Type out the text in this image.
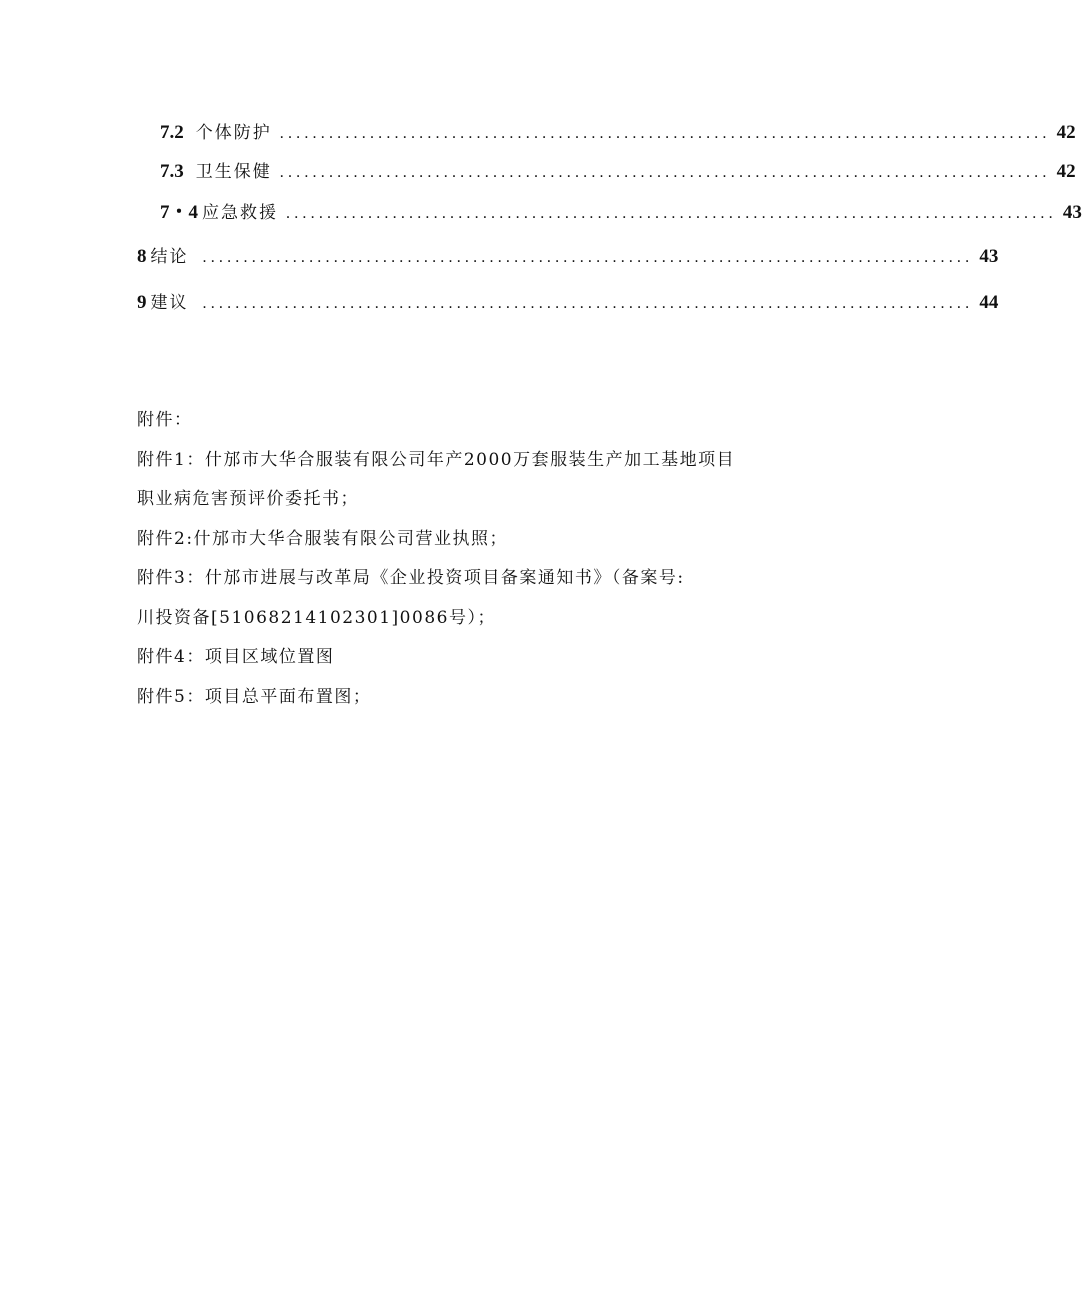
7.2 个体防护 .............................................................................................. 42
7.3 卫生保健 .............................................................................................. 42
7・4 应急救援 .............................................................................................. 43
8 结论 .............................................................................................. 43
9 建议 .............................................................................................. 44
附件：
附件1：什邡市大华合服装有限公司年产2000万套服装生产加工基地项目
职业病危害预评价委托书；
附件2:什邡市大华合服装有限公司营业执照；
附件3：什邡市进展与改革局《企业投资项目备案通知书》（备案号:
川投资备[51068214102301]0086号）；
附件4：项目区域位置图
附件5：项目总平面布置图；
